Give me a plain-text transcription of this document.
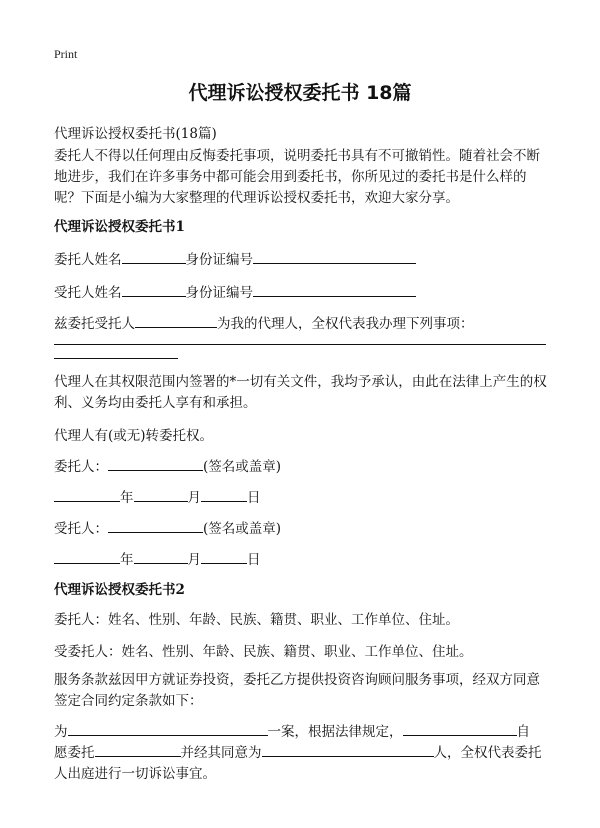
Print
代理诉讼授权委托书 18篇
代理诉讼授权委托书(18篇)
委托人不得以任何理由反悔委托事项，说明委托书具有不可撤销性。随着社会不断地进步，我们在许多事务中都可能会用到委托书，你所见过的委托书是什么样的呢？下面是小编为大家整理的代理诉讼授权委托书，欢迎大家分享。
代理诉讼授权委托书1
委托人姓名	身份证编号
受托人姓名	身份证编号
兹委托受托人	为我的代理人，全权代表我办理下列事项：
代理人在其权限范围内签署的*一切有关文件，我均予承认，由此在法律上产生的权利、义务均由委托人享有和承担。
代理人有(或无)转委托权。
委托人：	(签名或盖章)
年	月	日
受托人：	(签名或盖章)
年	月	日
代理诉讼授权委托书2
委托人：姓名、性别、年龄、民族、籍贯、职业、工作单位、住址。
受委托人：姓名、性别、年龄、民族、籍贯、职业、工作单位、住址。
服务条款兹因甲方就证券投资，委托乙方提供投资咨询顾问服务事项，经双方同意签定合同约定条款如下：
为	一案，根据法律规定，	自
愿委托	并经其同意为	人，全权代表委托
人出庭进行一切诉讼事宜。
